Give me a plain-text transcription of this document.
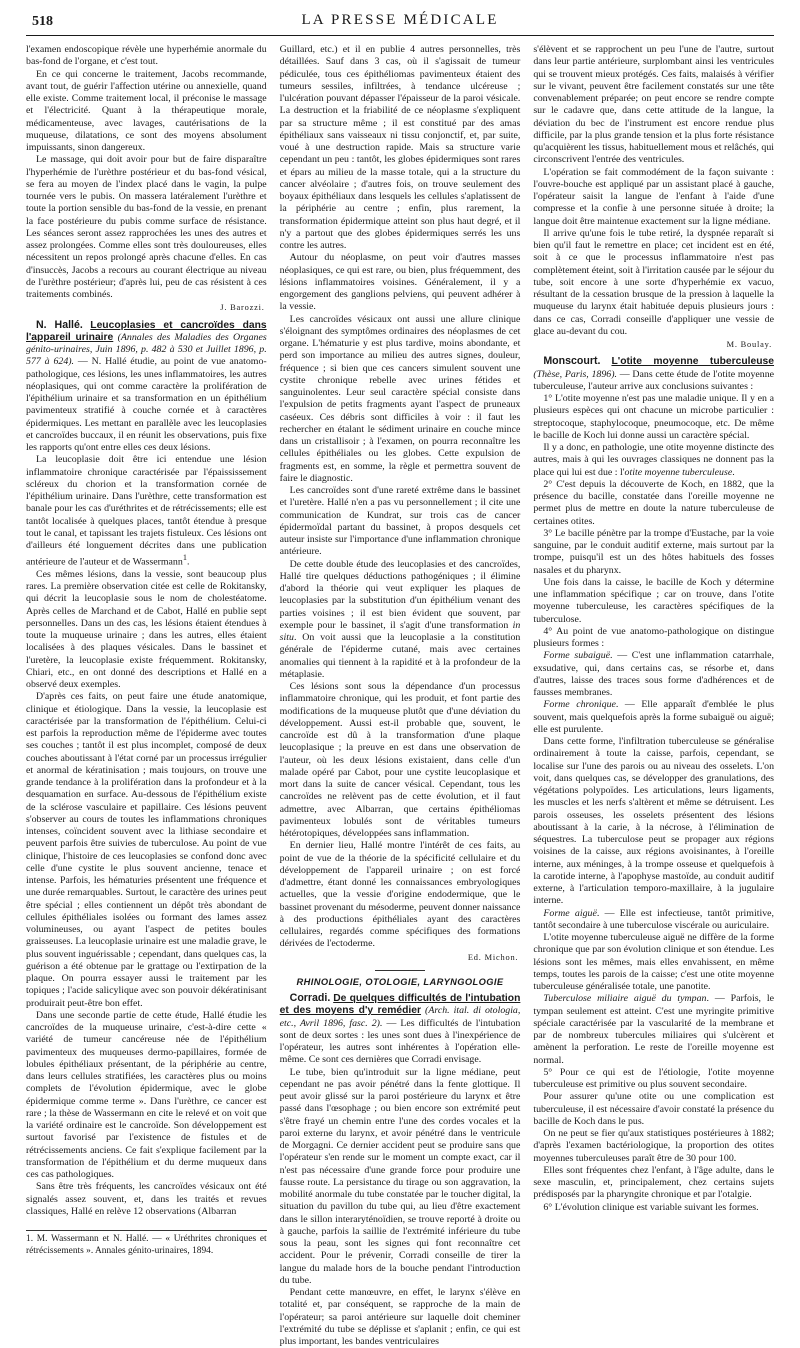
518	LA PRESSE MÉDICALE

l'examen endoscopique révèle une hyperhémie anormale du bas-fond de l'organe, et c'est tout.

En ce qui concerne le traitement, Jacobs recommande, avant tout, de guérir l'affection utérine ou annexielle, quand elle existe. Comme traitement local, il préconise le massage et l'électricité. Quant à la thérapeutique morale, médicamenteuse, avec lavages, cautérisations de la muqueuse, dilatations, ce sont des moyens absolument impuissants, sinon dangereux.

Le massage, qui doit avoir pour but de faire disparaître l'hyperhémie de l'urèthre postérieur et du bas-fond vésical, se fera au moyen de l'index placé dans le vagin, la pulpe tournée vers le pubis. On massera latéralement l'urèthre et toute la portion sensible du bas-fond de la vessie, en prenant la face postérieure du pubis comme surface de résistance. Les séances seront assez rapprochées les unes des autres et assez prolongées. Comme elles sont très douloureuses, elles nécessitent un repos prolongé après chacune d'elles. En cas d'insuccès, Jacobs a recours au courant électrique au niveau de l'urèthre postérieur; d'après lui, peu de cas résistent à ces traitements combinés.

J. Barozzi.

N. Hallé. Leucoplasies et cancroïdes dans l'appareil urinaire (Annales des Maladies des Organes génito-urinaires, Juin 1896, p. 482 à 530 et Juillet 1896, p. 577 à 624). — N. Hallé étudie, au point de vue anatomo-pathologique, ces lésions, les unes inflammatoires, les autres néoplasiques, qui ont comme caractère la prolifération de l'épithélium urinaire et sa transformation en un épithélium pavimenteux stratifié à couche cornée et à caractères épidermiques. Les mettant en parallèle avec les leucoplasies et cancroïdes buccaux, il en réunit les observations, puis fixe les rapports qu'ont entre elles ces deux lésions.

La leucoplasie doit être ici entendue une lésion inflammatoire chronique caractérisée par l'épaississement scléreux du chorion et la transformation cornée de l'épithélium urinaire. Dans l'urèthre, cette transformation est banale pour les cas d'uréthrites et de rétrécissements; elle est tantôt localisée à quelques places, tantôt étendue à presque tout le canal, et tapissant les trajets fistuleux. Ces lésions ont d'ailleurs été longuement décrites dans une publication antérieure de l'auteur et de Wassermann$^1$.

Ces mêmes lésions, dans la vessie, sont beaucoup plus rares. La première observation citée est celle de Rokitansky, qui décrit la leucoplasie sous le nom de cholestéatome. Après celles de Marchand et de Cabot, Hallé en publie sept personnelles. Dans un des cas, les lésions étaient étendues à toute la muqueuse urinaire ; dans les autres, elles étaient localisées à des plaques vésicales. Dans le bassinet et l'uretère, la leucoplasie existe fréquemment. Rokitansky, Chiari, etc., en ont donné des descriptions et Hallé en a observé deux exemples.

D'après ces faits, on peut faire une étude anatomique, clinique et étiologique. Dans la vessie, la leucoplasie est caractérisée par la transformation de l'épithélium. Celui-ci est parfois la reproduction même de l'épiderme avec toutes ses couches ; tantôt il est plus incomplet, composé de deux couches aboutissant à l'état corné par un processus irrégulier et anormal de kératinisation ; mais toujours, on trouve une grande tendance à la prolifération dans la profondeur et à la desquamation en surface. Au-dessous de l'épithélium existe de la sclérose vasculaire et papillaire. Ces lésions peuvent s'observer au cours de toutes les inflammations chroniques intenses, coïncident souvent avec la lithiase secondaire et peuvent parfois être suivies de tuberculose. Au point de vue clinique, l'histoire de ces leucoplasies se confond donc avec celle d'une cystite le plus souvent ancienne, tenace et intense. Parfois, les hématuries présentent une fréquence et une durée remarquables. Surtout, le caractère des urines peut être spécial ; elles contiennent un dépôt très abondant de cellules épithéliales isolées ou formant des lames assez volumineuses, ou ayant l'aspect de petites boules graisseuses. La leucoplasie urinaire est une maladie grave, le plus souvent inguérissable ; cependant, dans quelques cas, la guérison a été obtenue par le grattage ou l'extirpation de la plaque. On pourra essayer aussi le traitement par les topiques ; l'acide salicylique avec son pouvoir dékératinisant produirait peut-être bon effet.

Dans une seconde partie de cette étude, Hallé étudie les cancroïdes de la muqueuse urinaire, c'est-à-dire cette « variété de tumeur cancéreuse née de l'épithélium pavimenteux des muqueuses dermo-papillaires, formée de lobules épithéliaux présentant, de la périphérie au centre, dans leurs cellules stratifiées, les caractères plus ou moins complets de l'évolution épidermique, avec le globe épidermique comme terme ». Dans l'urèthre, ce cancer est rare ; la thèse de Wassermann en cite le relevé et on voit que la variété ordinaire est le cancroïde. Son développement est surtout favorisé par l'existence de fistules et de rétrécissements anciens. Ce fait s'explique facilement par la transformation de l'épithélium et du derme muqueux dans ces cas pathologiques.

Sans être très fréquents, les cancroïdes vésicaux ont été signalés assez souvent, et, dans les traités et revues classiques, Hallé en relève 12 observations (Albarran

1. M. Wassermann et N. Hallé. — « Uréthrites chroniques et rétrécissements ». Annales génito-urinaires, 1894.

Guillard, etc.) et il en publie 4 autres personnelles, très détaillées. Sauf dans 3 cas, où il s'agissait de tumeur pédiculée, tous ces épithéliomas pavimenteux étaient des tumeurs sessiles, infiltrées, à tendance ulcéreuse ; l'ulcération pouvant dépasser l'épaisseur de la paroi vésicale. La destruction et la friabilité de ce néoplasme s'expliquent par sa structure même ; il est constitué par des amas épithéliaux sans vaisseaux ni tissu conjonctif, et, par suite, voué à une destruction rapide. Mais sa structure varie cependant un peu : tantôt, les globes épidermiques sont rares et épars au milieu de la masse totale, qui a la structure du cancer alvéolaire ; d'autres fois, on trouve seulement des boyaux épithéliaux dans lesquels les cellules s'aplatissent de la périphérie au centre ; enfin, plus rarement, la transformation épidermique atteint son plus haut degré, et il n'y a partout que des globes épidermiques serrés les uns contre les autres.

Autour du néoplasme, on peut voir d'autres masses néoplasiques, ce qui est rare, ou bien, plus fréquemment, des lésions inflammatoires voisines. Généralement, il y a engorgement des ganglions pelviens, qui peuvent adhérer à la vessie.

Les cancroïdes vésicaux ont aussi une allure clinique s'éloignant des symptômes ordinaires des néoplasmes de cet organe. L'hématurie y est plus tardive, moins abondante, et perd son importance au milieu des autres signes, douleur, fréquence ; si bien que ces cancers simulent souvent une cystite chronique rebelle avec urines fétides et sanguinolentes. Leur seul caractère spécial consiste dans l'expulsion de petits fragments ayant l'aspect de pruneaux caséeux. Ces débris sont difficiles à voir : il faut les rechercher en étalant le sédiment urinaire en couche mince dans un cristallisoir ; à l'examen, on pourra reconnaître les cellules épithéliales ou les globes. Cette expulsion de fragments est, en somme, la règle et permettra souvent de faire le diagnostic.

Les cancroïdes sont d'une rareté extrême dans le bassinet et l'uretère. Hallé n'en a pas vu personnellement ; il cite une communication de Kundrat, sur trois cas de cancer épidermoïdal partant du bassinet, à propos desquels cet auteur insiste sur l'importance d'une inflammation chronique antérieure.

De cette double étude des leucoplasies et des cancroïdes, Hallé tire quelques déductions pathogéniques ; il élimine d'abord la théorie qui veut expliquer les plaques de leucoplasies par la substitution d'un épithélium venant des parties voisines ; il est bien évident que souvent, par exemple pour le bassinet, il s'agit d'une transformation in situ. On voit aussi que la leucoplasie a la constitution générale de l'épiderme cutané, mais avec certaines anomalies qui tiennent à la rapidité et à la profondeur de la métaplasie.

Ces lésions sont sous la dépendance d'un processus inflammatoire chronique, qui les produit, et font partie des modifications de la muqueuse plutôt que d'une déviation du développement. Aussi est-il probable que, souvent, le cancroïde est dû à la transformation d'une plaque leucoplasique ; la preuve en est dans une observation de l'auteur, où les deux lésions existaient, dans celle d'un malade opéré par Cabot, pour une cystite leucoplasique et mort dans la suite de cancer vésical. Cependant, tous les cancroïdes ne relèvent pas de cette évolution, et il faut admettre, avec Albarran, que certains épithéliomas pavimenteux lobulés sont de véritables tumeurs hétérotopiques, développées sans inflammation.

En dernier lieu, Hallé montre l'intérêt de ces faits, au point de vue de la théorie de la spécificité cellulaire et du développement de l'appareil urinaire ; on est forcé d'admettre, étant donné les connaissances embryologiques actuelles, que la vessie d'origine endodermique, que le bassinet provenant du mésoderme, peuvent donner naissance à des productions épithéliales ayant des caractères cellulaires, regardés comme spécifiques des formations dérivées de l'ectoderme.

Ed. Michon.
RHINOLOGIE, OTOLOGIE, LARYNGOLOGIE

Corradi. De quelques difficultés de l'intubation et des moyens d'y remédier (Arch. ital. di otologia, etc., Avril 1896, fasc. 2). — Les difficultés de l'intubation sont de deux sortes : les unes sont dues à l'inexpérience de l'opérateur, les autres sont inhérentes à l'opération elle-même. Ce sont ces dernières que Corradi envisage.

Le tube, bien qu'introduit sur la ligne médiane, peut cependant ne pas avoir pénétré dans la fente glottique. Il peut avoir glissé sur la paroi postérieure du larynx et être passé dans l'œsophage ; ou bien encore son extrémité peut s'être frayé un chemin entre l'une des cordes vocales et la paroi externe du larynx, et avoir pénétré dans le ventricule de Morgagni. Ce dernier accident peut se produire sans que l'opérateur s'en rende sur le moment un compte exact, car il n'est pas nécessaire d'une grande force pour produire une fausse route. La persistance du tirage ou son aggravation, la mobilité anormale du tube constatée par le toucher digital, la situation du pavillon du tube qui, au lieu d'être exactement dans le sillon interaryténoïdien, se trouve reporté à droite ou à gauche, parfois la saillie de l'extrémité inférieure du tube sous la peau, sont les signes qui font reconnaître cet accident. Pour le prévenir, Corradi conseille de tirer la langue du malade hors de la bouche pendant l'introduction du tube.

Pendant cette manœuvre, en effet, le larynx s'élève en totalité et, par conséquent, se rapproche de la main de l'opérateur; sa paroi antérieure sur laquelle doit cheminer l'extrémité du tube se déplisse et s'aplanit ; enfin, ce qui est plus important, les bandes ventriculaires

s'élèvent et se rapprochent un peu l'une de l'autre, surtout dans leur partie antérieure, surplombant ainsi les ventricules qui se trouvent mieux protégés. Ces faits, malaisés à vérifier sur le vivant, peuvent être facilement constatés sur une tête convenablement préparée; on peut encore se rendre compte sur le cadavre que, dans cette attitude de la langue, la déviation du bec de l'instrument est encore rendue plus difficile, par la plus grande tension et la plus forte résistance qu'acquièrent les tissus, habituellement mous et relâchés, qui circonscrivent l'entrée des ventricules.

L'opération se fait commodément de la façon suivante : l'ouvre-bouche est appliqué par un assistant placé à gauche, l'opérateur saisit la langue de l'enfant à l'aide d'une compresse et la confie à une personne située à droite; la langue doit être maintenue exactement sur la ligne médiane.

Il arrive qu'une fois le tube retiré, la dyspnée reparaît si bien qu'il faut le remettre en place; cet incident est en été, soit à ce que le processus inflammatoire n'est pas complètement éteint, soit à l'irritation causée par le séjour du tube, soit encore à une sorte d'hyperhémie ex vacuo, résultant de la cessation brusque de la pression à laquelle la muqueuse du larynx était habituée depuis plusieurs jours : dans ce cas, Corradi conseille d'appliquer une vessie de glace au-devant du cou.

M. Boulay.

Monscourt. L'otite moyenne tuberculeuse (Thèse, Paris, 1896). — Dans cette étude de l'otite moyenne tuberculeuse, l'auteur arrive aux conclusions suivantes :

1° L'otite moyenne n'est pas une maladie unique. Il y en a plusieurs espèces qui ont chacune un microbe particulier : streptocoque, staphylocoque, pneumocoque, etc. De même le bacille de Koch lui donne aussi un caractère spécial.

Il y a donc, en pathologie, une otite moyenne distincte des autres, mais à qui les ouvrages classiques ne donnent pas la place qui lui est due : l'otite moyenne tuberculeuse.

2° C'est depuis la découverte de Koch, en 1882, que la présence du bacille, constatée dans l'oreille moyenne ne permet plus de mettre en doute la nature tuberculeuse de certaines otites.

3° Le bacille pénètre par la trompe d'Eustache, par la voie sanguine, par le conduit auditif externe, mais surtout par la trompe, puisqu'il est un des hôtes habituels des fosses nasales et du pharynx.

Une fois dans la caisse, le bacille de Koch y détermine une inflammation spécifique ; car on trouve, dans l'otite moyenne tuberculeuse, les caractères spécifiques de la tuberculose.

4° Au point de vue anatomo-pathologique on distingue plusieurs formes :

Forme subaiguë. — C'est une inflammation catarrhale, exsudative, qui, dans certains cas, se résorbe et, dans d'autres, laisse des traces sous forme d'adhérences et de fausses membranes.

Forme chronique. — Elle apparaît d'emblée le plus souvent, mais quelquefois après la forme subaiguë ou aiguë; elle est purulente.

Dans cette forme, l'infiltration tuberculeuse se généralise ordinairement à toute la caisse, parfois, cependant, se localise sur l'une des parois ou au niveau des osselets. L'on voit, dans quelques cas, se développer des granulations, des végétations polypoïdes. Les articulations, leurs ligaments, les muscles et les nerfs s'altèrent et même se détruisent. Les parois osseuses, les osselets présentent des lésions aboutissant à la carie, à la nécrose, à l'élimination de séquestres. La tuberculose peut se propager aux régions voisines de la caisse, aux régions avoisinantes, à l'oreille interne, aux méninges, à la trompe osseuse et quelquefois à la carotide interne, à l'apophyse mastoïde, au conduit auditif externe, à l'articulation temporo-maxillaire, à la jugulaire interne.

Forme aiguë. — Elle est infectieuse, tantôt primitive, tantôt secondaire à une tuberculose viscérale ou auriculaire.

L'otite moyenne tuberculeuse aiguë ne diffère de la forme chronique que par son évolution clinique et son étendue. Les lésions sont les mêmes, mais elles envahissent, en même temps, toutes les parois de la caisse; c'est une otite moyenne tuberculeuse généralisée totale, une panotite.

Tuberculose miliaire aiguë du tympan. — Parfois, le tympan seulement est atteint. C'est une myringite primitive spéciale caractérisée par la vascularité de la membrane et par de nombreux tubercules miliaires qui s'ulcèrent et amènent la perforation. Le reste de l'oreille moyenne est normal.

5° Pour ce qui est de l'étiologie, l'otite moyenne tuberculeuse est primitive ou plus souvent secondaire.

Pour assurer qu'une otite ou une complication est tuberculeuse, il est nécessaire d'avoir constaté la présence du bacille de Koch dans le pus.

On ne peut se fier qu'aux statistiques postérieures à 1882; d'après l'examen bactériologique, la proportion des otites moyennes tuberculeuses paraît être de 30 pour 100.

Elles sont fréquentes chez l'enfant, à l'âge adulte, dans le sexe masculin, et, principalement, chez certains sujets prédisposés par la pharyngite chronique et par l'otalgie.

6° L'évolution clinique est variable suivant les formes.
